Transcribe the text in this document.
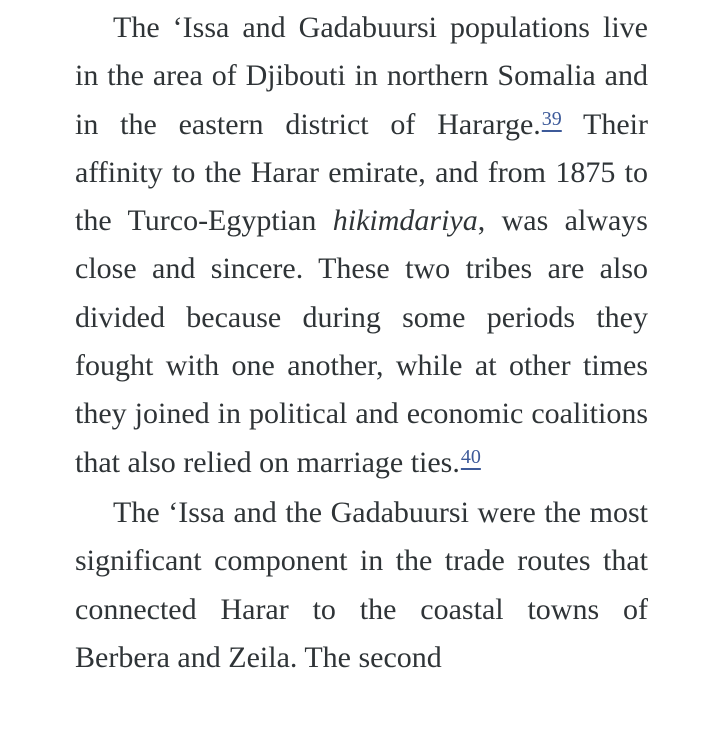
The ‘Issa and Gadabuursi populations live in the area of Djibouti in northern Somalia and in the eastern district of Hararge.$^{39}$ Their affinity to the Harar emirate, and from 1875 to the Turco-Egyptian hikimdariya, was always close and sincere. These two tribes are also divided because during some periods they fought with one another, while at other times they joined in political and economic coalitions that also relied on marriage ties.$^{40}$

The ‘Issa and the Gadabuursi were the most significant component in the trade routes that connected Harar to the coastal towns of Berbera and Zeila. The second
